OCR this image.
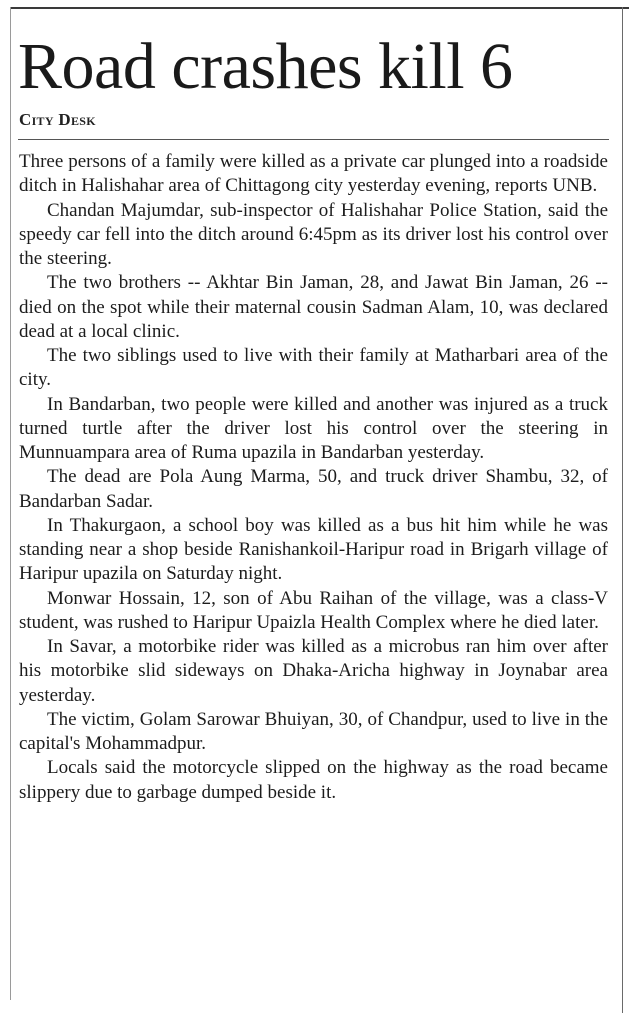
Road crashes kill 6
City Desk

Three persons of a family were killed as a private car plunged into a roadside ditch in Halishahar area of Chittagong city yesterday evening, reports UNB.

Chandan Majumdar, sub-inspector of Halishahar Police Station, said the speedy car fell into the ditch around 6:45pm as its driver lost his control over the steering.

The two brothers -- Akhtar Bin Jaman, 28, and Jawat Bin Jaman, 26 -- died on the spot while their maternal cousin Sadman Alam, 10, was declared dead at a local clinic.

The two siblings used to live with their family at Matharbari area of the city.

In Bandarban, two people were killed and another was injured as a truck turned turtle after the driver lost his control over the steering in Munnuampara area of Ruma upazila in Bandarban yesterday.

The dead are Pola Aung Marma, 50, and truck driver Shambu, 32, of Bandarban Sadar.

In Thakurgaon, a school boy was killed as a bus hit him while he was standing near a shop beside Ranishankoil-Haripur road in Brigarh village of Haripur upazila on Saturday night.

Monwar Hossain, 12, son of Abu Raihan of the village, was a class-V student, was rushed to Haripur Upaizla Health Complex where he died later.

In Savar, a motorbike rider was killed as a microbus ran him over after his motorbike slid sideways on Dhaka-Aricha highway in Joynabar area yesterday.

The victim, Golam Sarowar Bhuiyan, 30, of Chandpur, used to live in the capital's Mohammadpur.

Locals said the motorcycle slipped on the highway as the road became slippery due to garbage dumped beside it.
